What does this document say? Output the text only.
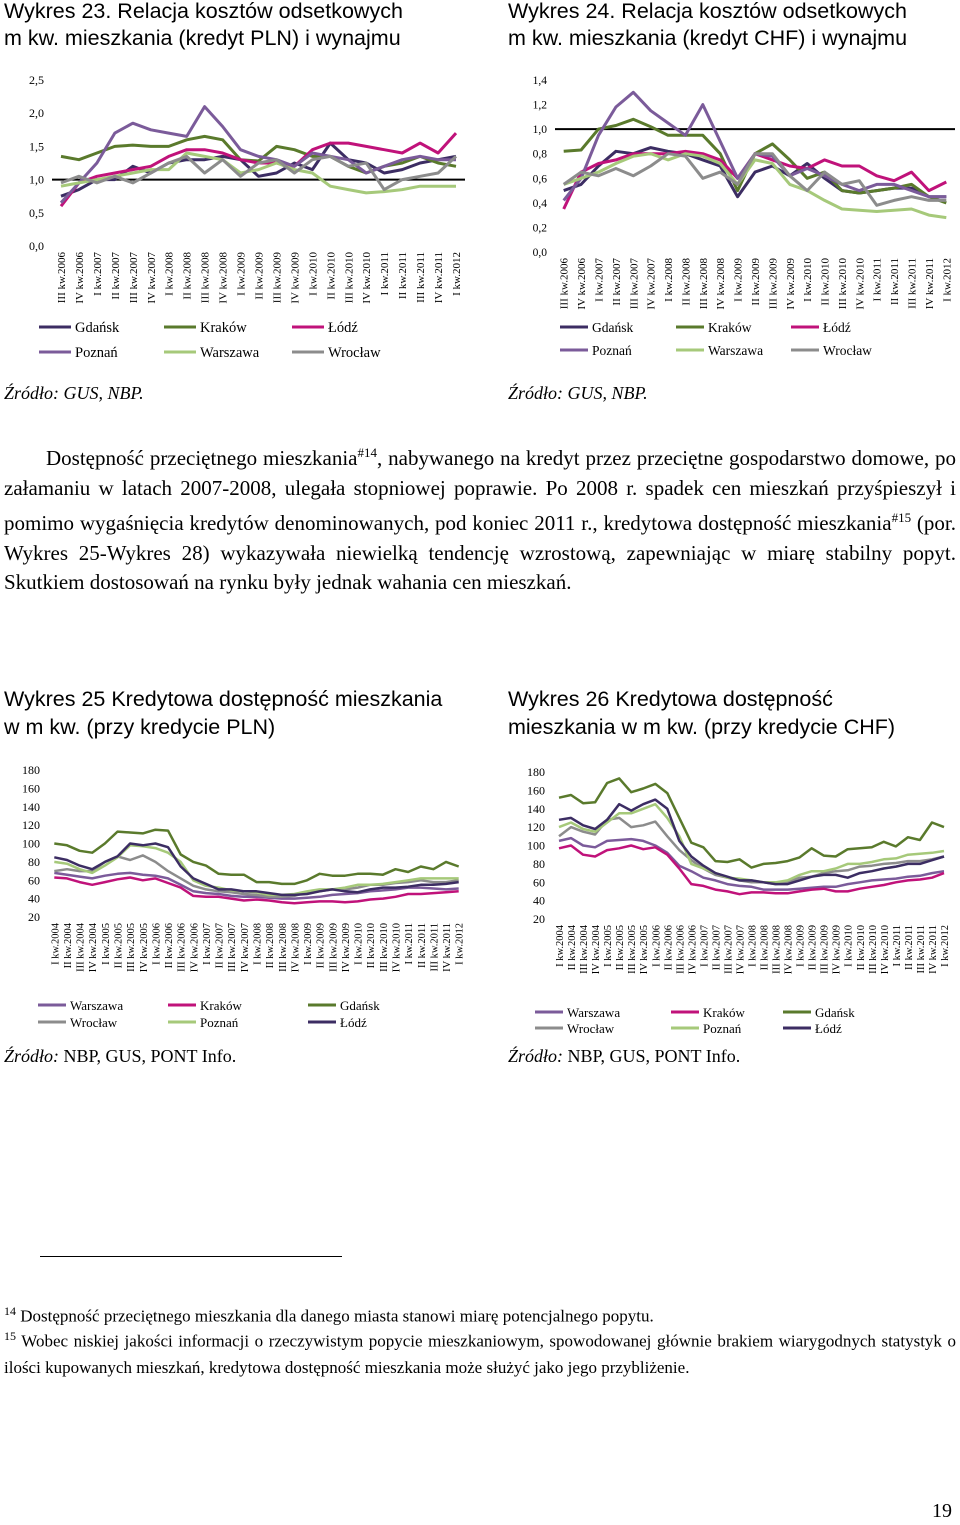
Wykres 23. Relacja kosztów odsetkowych
m kw. mieszkania (kredyt PLN) i wynajmu
Wykres 24. Relacja kosztów odsetkowych
m kw. mieszkania (kredyt CHF) i wynajmu
0,0
0,5
1,0
1,5
2,0
2,5
III kw.2006 IV kw.2006 I kw.2007 II kw.2007 III kw.2007 IV kw.2007 I kw.2008 II kw.2008 III kw.2008 IV kw.2008 I kw.2009 II kw.2009 III kw.2009 IV kw.2009 I kw.2010 II kw.2010 III kw.2010 IV kw.2010 I kw.2011 II kw.2011 III kw.2011 IV kw.2011 I kw.2012
Gdańsk	Kraków	Łódź
Poznań	Warszawa	Wrocław
0,0
0,2
0,4
0,6
0,8
1,0
1,2
1,4
III kw.2006 IV kw.2006 I kw.2007 II kw.2007 III kw.2007 IV kw.2007 I kw.2008 II kw.2008 III kw.2008 IV kw.2008 I kw.2009 II kw.2009 III kw.2009 IV kw.2009 I kw.2010 II kw.2010 III kw.2010 IV kw.2010 I kw.2011 II kw.2011 III kw.2011 IV kw.2011 I kw.2012
Gdańsk	Kraków	Łódź
Poznań	Warszawa	Wrocław
Źródło: GUS, NBP.	Źródło: GUS, NBP.

  Dostępność przeciętnego mieszkania$^{\#14}$, nabywanego na kredyt przez przeciętne gospodarstwo domowe, po załamaniu w latach 2007-2008, ulegała stopniowej poprawie. Po 2008 r. spadek cen mieszkań przyśpieszył i pomimo wygaśnięcia kredytów denominowanych, pod koniec 2011 r., kredytowa dostępność mieszkania$^{\#15}$ (por. Wykres 25-Wykres 28) wykazywała niewielką tendencję wzrostową, zapewniając w miarę stabilny popyt. Skutkiem dostosowań na rynku były jednak wahania cen mieszkań.

Wykres 25 Kredytowa dostępność mieszkania
w m kw. (przy kredycie PLN)
Wykres 26 Kredytowa dostępność
mieszkania w m kw. (przy kredycie CHF)
20
40
60
80
100
120
140
160
180
I kw.2004 II kw.2004 III kw.2004 IV kw.2004 I kw.2005 II kw.2005 III kw.2005 IV kw.2005 I kw.2006 II kw.2006 III kw.2006 IV kw.2006 I kw.2007 II kw.2007 III kw.2007 IV kw.2007 I kw.2008 II kw.2008 III kw.2008 IV kw.2008 I kw.2009 II kw.2009 III kw.2009 IV kw.2009 I kw.2010 II kw.2010 III kw.2010 IV kw.2010 I kw.2011 II kw.2011 III kw.2011 IV kw.2011 I kw.2012
Warszawa	Kraków	Gdańsk
Wrocław	Poznań	Łódź
20
40
60
80
100
120
140
160
180
I kw.2004 II kw.2004 III kw.2004 IV kw.2004 I kw.2005 II kw.2005 III kw.2005 IV kw.2005 I kw.2006 II kw.2006 III kw.2006 IV kw.2006 I kw.2007 II kw.2007 III kw.2007 IV kw.2007 I kw.2008 II kw.2008 III kw.2008 IV kw.2008 I kw.2009 II kw.2009 III kw.2009 IV kw.2009 I kw.2010 II kw.2010 III kw.2010 IV kw.2010 I kw.2011 II kw.2011 III kw.2011 IV kw.2011 I kw.2012
Warszawa	Kraków	Gdańsk
Wrocław	Poznań	Łódź
Źródło: NBP, GUS, PONT Info.	Źródło: NBP, GUS, PONT Info.

$^{14}$ Dostępność przeciętnego mieszkania dla danego miasta stanowi miarę potencjalnego popytu.

$^{15}$ Wobec niskiej jakości informacji o rzeczywistym popycie mieszkaniowym, spowodowanej głównie brakiem wiarygodnych statystyk o ilości kupowanych mieszkań, kredytowa dostępność mieszkania może służyć jako jego przybliżenie.

19
